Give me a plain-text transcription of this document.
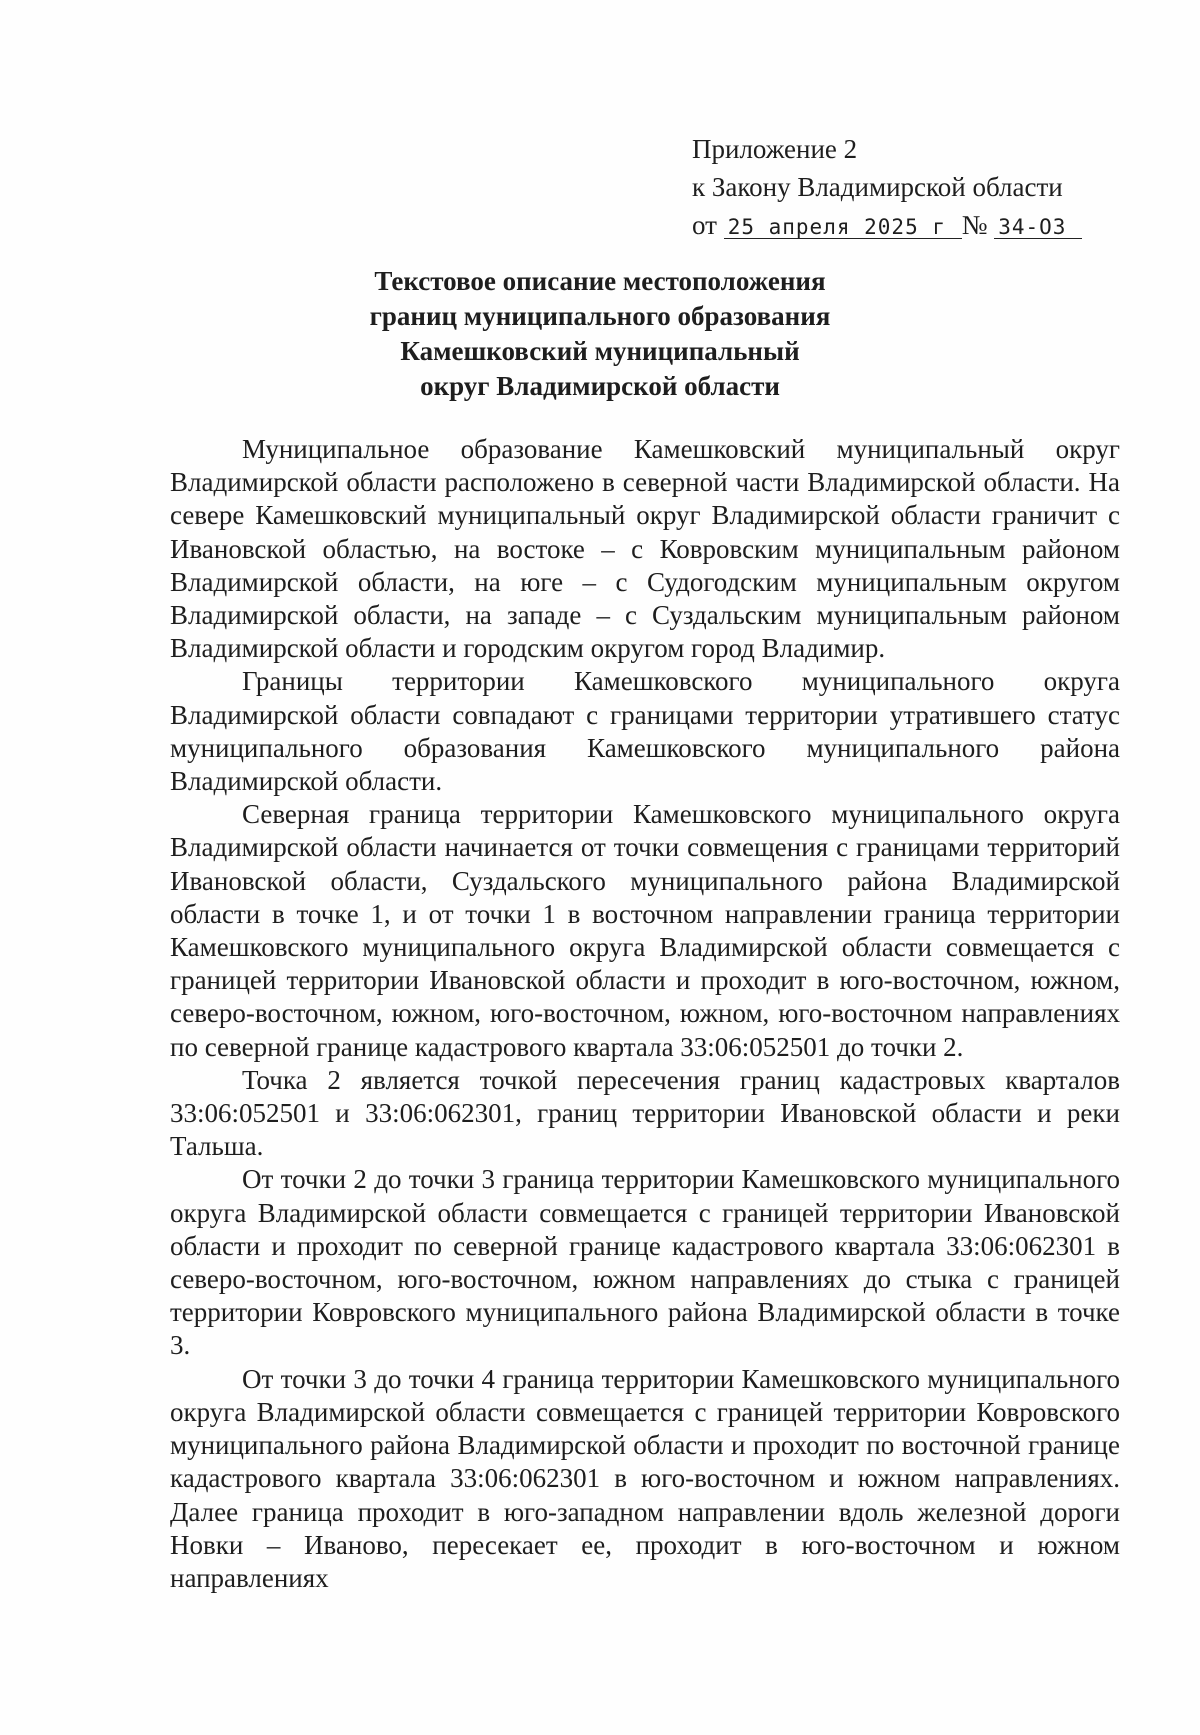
Приложение 2
к Закону Владимирской области
от 25 апреля 2025 г № 34-ОЗ
Текстовое описание местоположения
границ муниципального образования
Камешковский муниципальный
округ Владимирской области

Муниципальное образование Камешковский муниципальный округ Владимирской области расположено в северной части Владимирской области. На севере Камешковский муниципальный округ Владимирской области граничит с Ивановской областью, на востоке – с Ковровским муниципальным районом Владимирской области, на юге – с Судогодским муниципальным округом Владимирской области, на западе – с Суздальским муниципальным районом Владимирской области и городским округом город Владимир.

Границы территории Камешковского муниципального округа Владимирской области совпадают с границами территории утратившего статус муниципального образования Камешковского муниципального района Владимирской области.

Северная граница территории Камешковского муниципального округа Владимирской области начинается от точки совмещения с границами территорий Ивановской области, Суздальского муниципального района Владимирской области в точке 1, и от точки 1 в восточном направлении граница территории Камешковского муниципального округа Владимирской области совмещается с границей территории Ивановской области и проходит в юго-восточном, южном, северо-восточном, южном, юго-восточном, южном, юго-восточном направлениях по северной границе кадастрового квартала 33:06:052501 до точки 2.

Точка 2 является точкой пересечения границ кадастровых кварталов 33:06:052501 и 33:06:062301, границ территории Ивановской области и реки Тальша.

От точки 2 до точки 3 граница территории Камешковского муниципального округа Владимирской области совмещается с границей территории Ивановской области и проходит по северной границе кадастрового квартала 33:06:062301 в северо-восточном, юго-восточном, южном направлениях до стыка с границей территории Ковровского муниципального района Владимирской области в точке 3.

От точки 3 до точки 4 граница территории Камешковского муниципального округа Владимирской области совмещается с границей территории Ковровского муниципального района Владимирской области и проходит по восточной границе кадастрового квартала 33:06:062301 в юго-восточном и южном направлениях. Далее граница проходит в юго-западном направлении вдоль железной дороги Новки – Иваново, пересекает ее, проходит в юго-восточном и южном направлениях
